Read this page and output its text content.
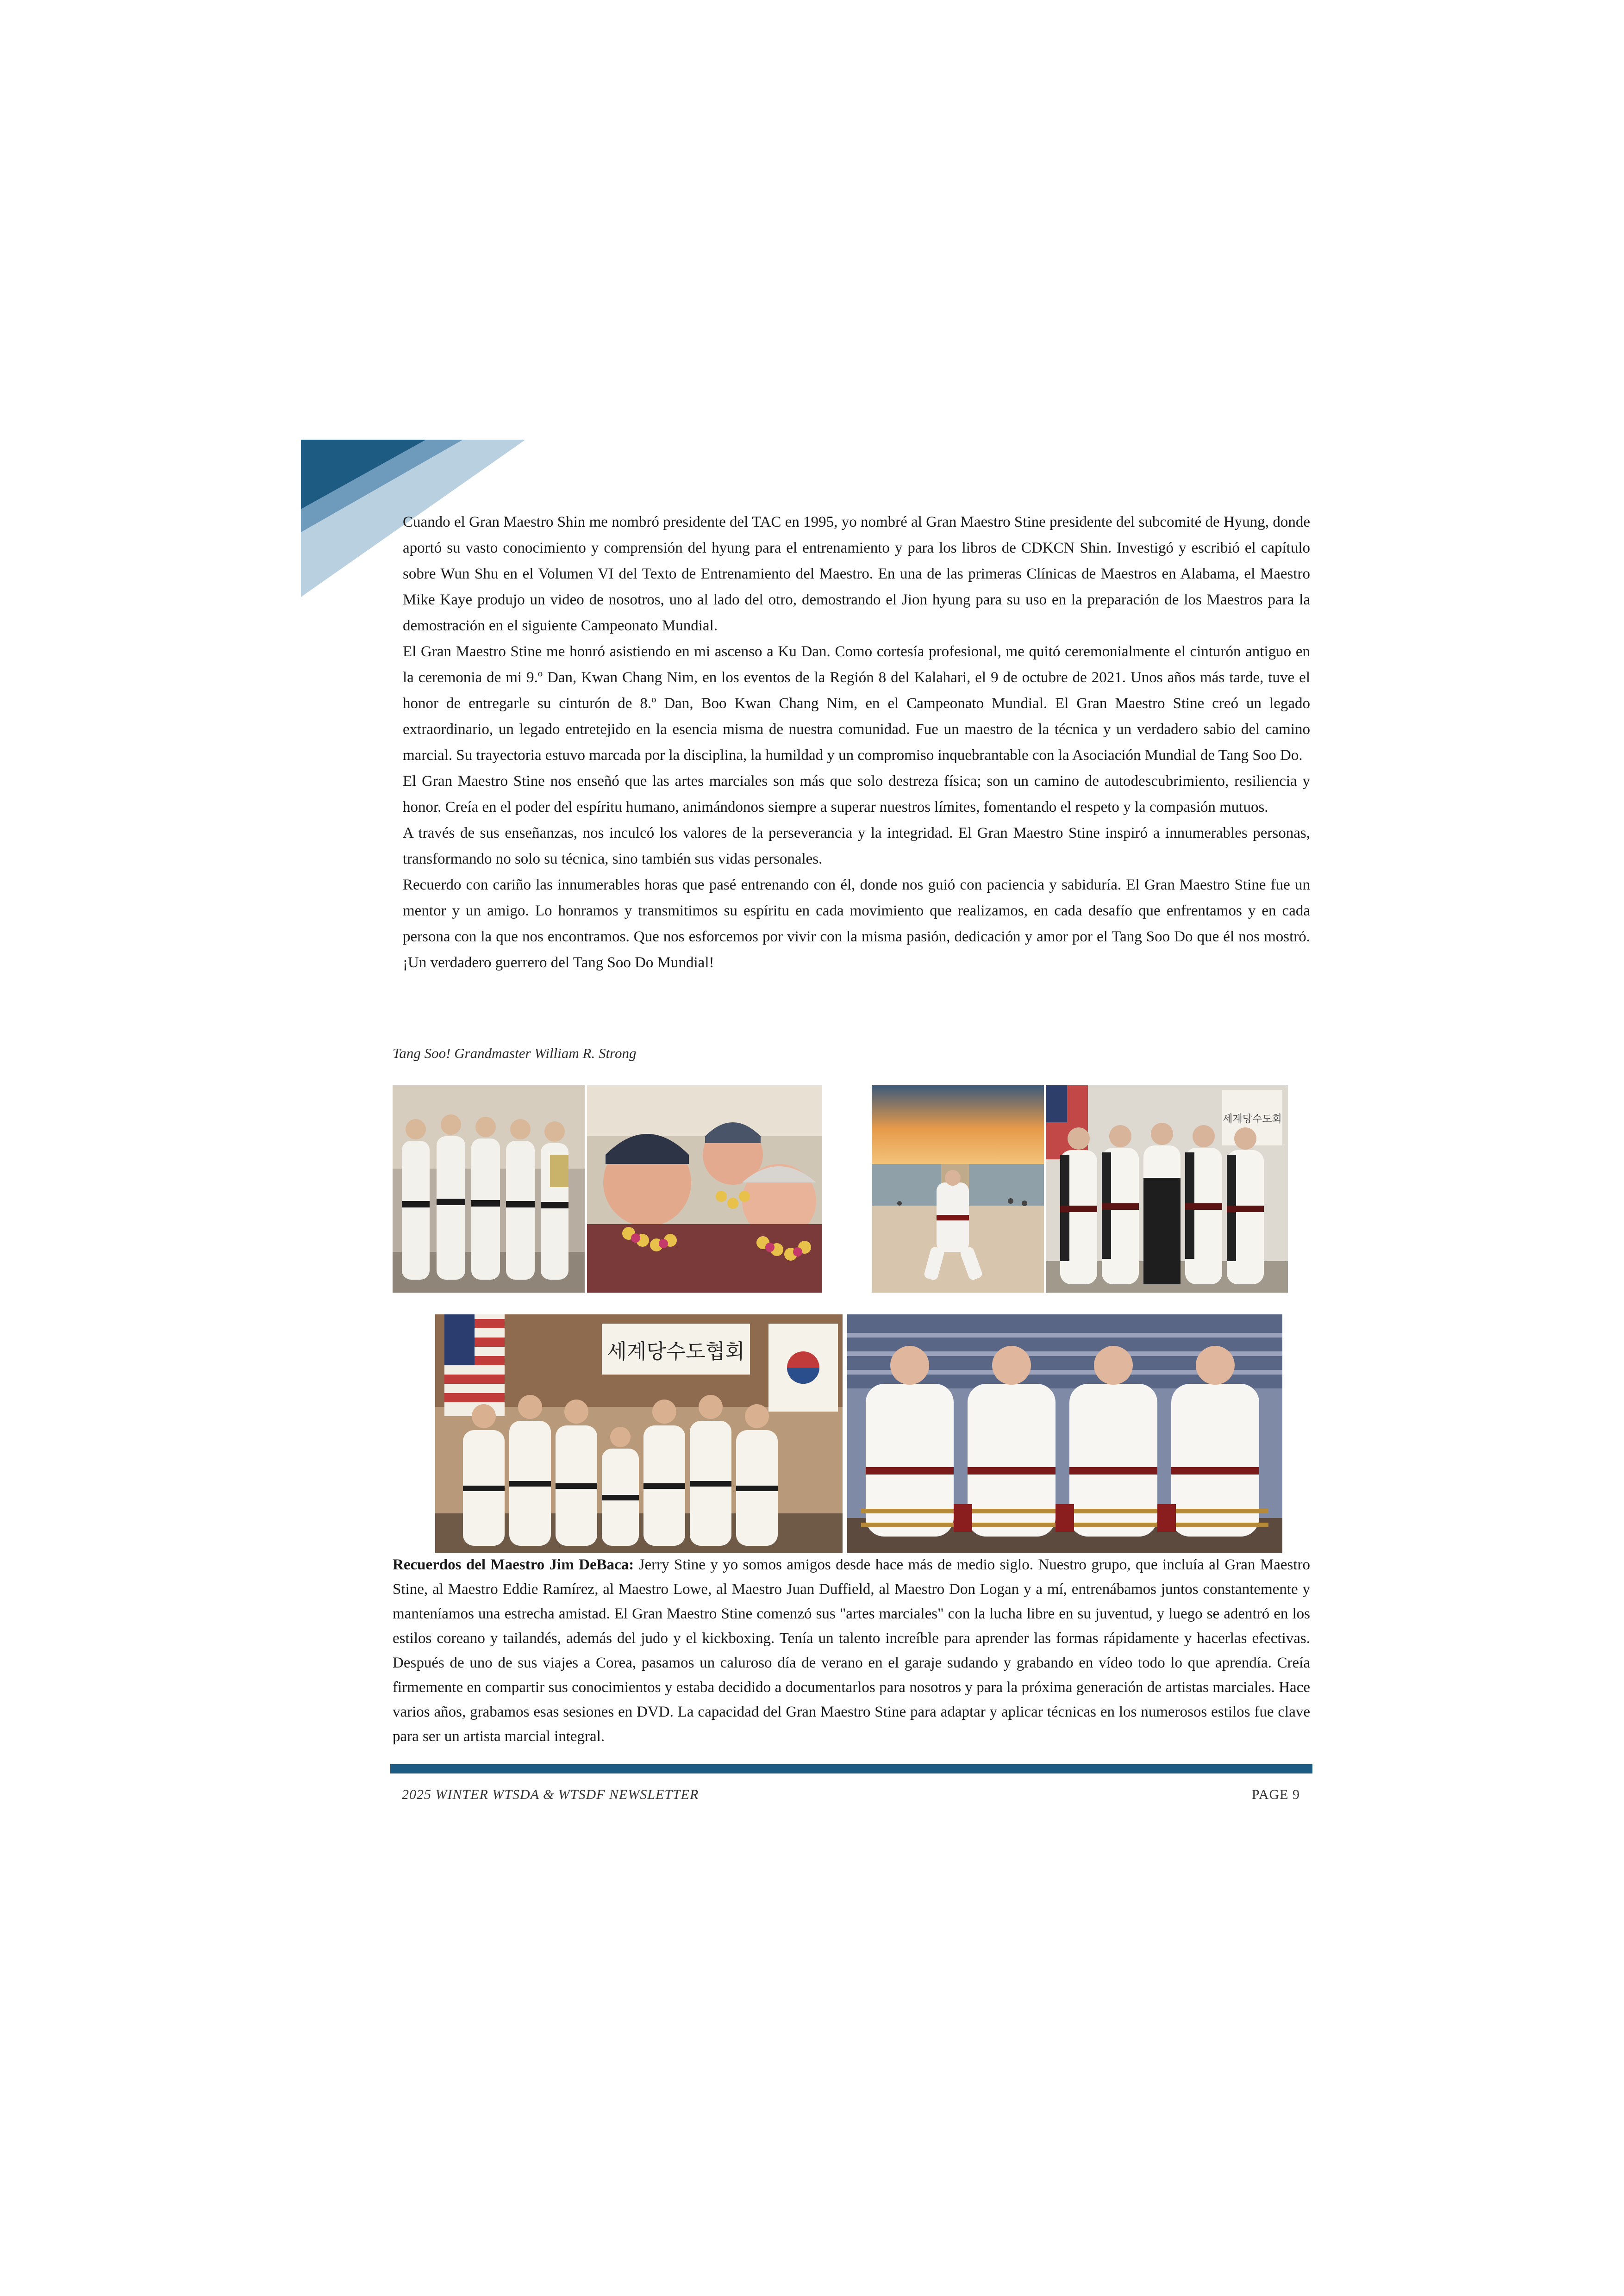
Cuando el Gran Maestro Shin me nombró presidente del TAC en 1995, yo nombré al Gran Maestro Stine presidente del subcomité de Hyung, donde aportó su vasto conocimiento y comprensión del hyung para el entrenamiento y para los libros de CDKCN Shin. Investigó y escribió el capítulo sobre Wun Shu en el Volumen VI del Texto de Entrenamiento del Maestro. En una de las primeras Clínicas de Maestros en Alabama, el Maestro Mike Kaye produjo un video de nosotros, uno al lado del otro, demostrando el Jion hyung para su uso en la preparación de los Maestros para la demostración en el siguiente Campeonato Mundial.

El Gran Maestro Stine me honró asistiendo en mi ascenso a Ku Dan. Como cortesía profesional, me quitó ceremonialmente el cinturón antiguo en la ceremonia de mi 9.º Dan, Kwan Chang Nim, en los eventos de la Región 8 del Kalahari, el 9 de octubre de 2021. Unos años más tarde, tuve el honor de entregarle su cinturón de 8.º Dan, Boo Kwan Chang Nim, en el Campeonato Mundial. El Gran Maestro Stine creó un legado extraordinario, un legado entretejido en la esencia misma de nuestra comunidad. Fue un maestro de la técnica y un verdadero sabio del camino marcial. Su trayectoria estuvo marcada por la disciplina, la humildad y un compromiso inquebrantable con la Asociación Mundial de Tang Soo Do.

El Gran Maestro Stine nos enseñó que las artes marciales son más que solo destreza física; son un camino de autodescubrimiento, resiliencia y honor. Creía en el poder del espíritu humano, animándonos siempre a superar nuestros límites, fomentando el respeto y la compasión mutuos.

A través de sus enseñanzas, nos inculcó los valores de la perseverancia y la integridad. El Gran Maestro Stine inspiró a innumerables personas, transformando no solo su técnica, sino también sus vidas personales.

Recuerdo con cariño las innumerables horas que pasé entrenando con él, donde nos guió con paciencia y sabiduría. El Gran Maestro Stine fue un mentor y un amigo. Lo honramos y transmitimos su espíritu en cada movimiento que realizamos, en cada desafío que enfrentamos y en cada persona con la que nos encontramos. Que nos esforcemos por vivir con la misma pasión, dedicación y amor por el Tang Soo Do que él nos mostró. ¡Un verdadero guerrero del Tang Soo Do Mundial!

Tang Soo! Grandmaster William R. Strong
세계당수도회
세계당수도협회
Recuerdos del Maestro Jim DeBaca: Jerry Stine y yo somos amigos desde hace más de medio siglo. Nuestro grupo, que incluía al Gran Maestro Stine, al Maestro Eddie Ramírez, al Maestro Lowe, al Maestro Juan Duffield, al Maestro Don Logan y a mí, entrenábamos juntos constantemente y manteníamos una estrecha amistad. El Gran Maestro Stine comenzó sus "artes marciales" con la lucha libre en su juventud, y luego se adentró en los estilos coreano y tailandés, además del judo y el kickboxing. Tenía un talento increíble para aprender las formas rápidamente y hacerlas efectivas. Después de uno de sus viajes a Corea, pasamos un caluroso día de verano en el garaje sudando y grabando en vídeo todo lo que aprendía. Creía firmemente en compartir sus conocimientos y estaba decidido a documentarlos para nosotros y para la próxima generación de artistas marciales. Hace varios años, grabamos esas sesiones en DVD. La capacidad del Gran Maestro Stine para adaptar y aplicar técnicas en los numerosos estilos fue clave para ser un artista marcial integral.
2025 WINTER WTSDA & WTSDF NEWSLETTER	PAGE 9
